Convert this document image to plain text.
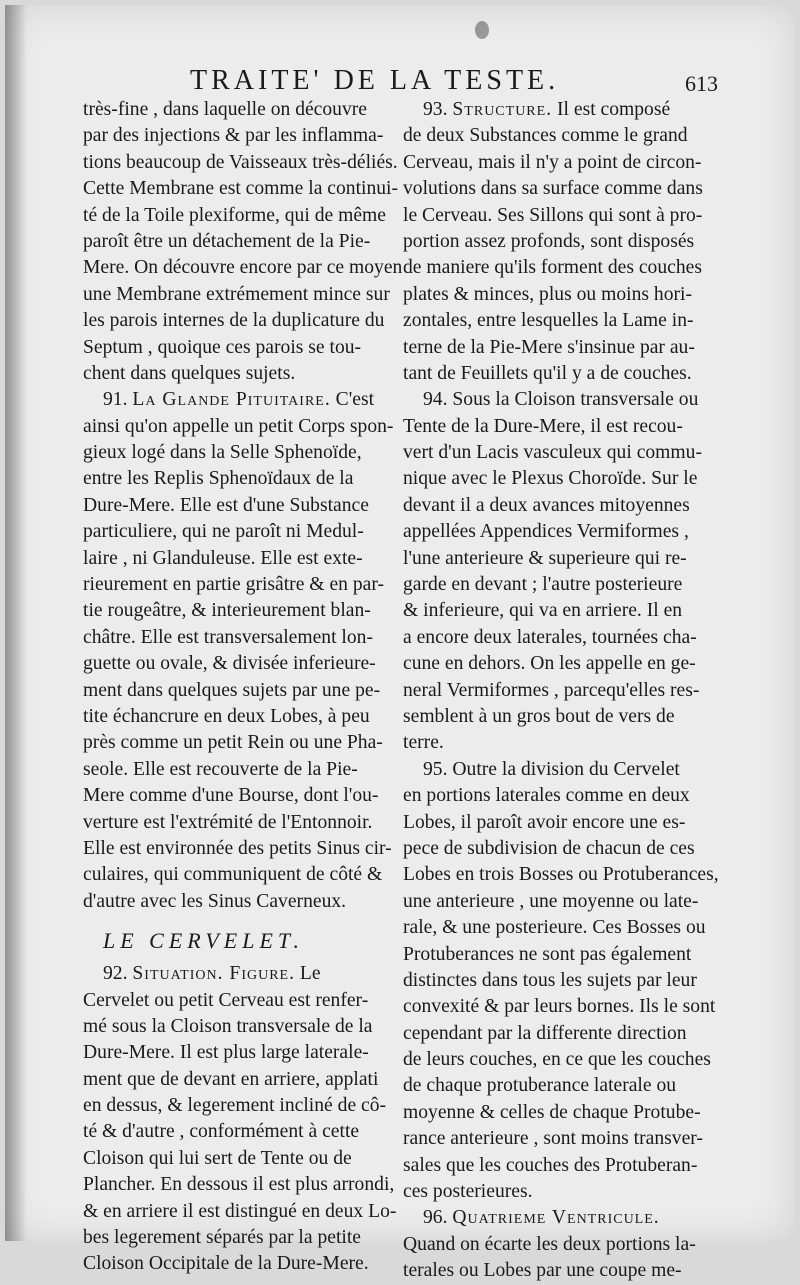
TRAITE' DE LA TESTE.	613
très-fine , dans laquelle on découvre
par des injections & par les inflamma-
tions beaucoup de Vaisseaux très-déliés.
Cette Membrane est comme la continui-
té de la Toile plexiforme, qui de même
paroît être un détachement de la Pie-
Mere. On découvre encore par ce moyen
une Membrane extrémement mince sur
les parois internes de la duplicature du
Septum , quoique ces parois se tou-
chent dans quelques sujets.
91. La Glande Pituitaire. C'est
ainsi qu'on appelle un petit Corps spon-
gieux logé dans la Selle Sphenoïde,
entre les Replis Sphenoïdaux de la
Dure-Mere. Elle est d'une Substance
particuliere, qui ne paroît ni Medul-
laire , ni Glanduleuse. Elle est exte-
rieurement en partie grisâtre & en par-
tie rougeâtre, & interieurement blan-
châtre. Elle est transversalement lon-
guette ou ovale, & divisée inferieure-
ment dans quelques sujets par une pe-
tite échancrure en deux Lobes, à peu
près comme un petit Rein ou une Pha-
seole. Elle est recouverte de la Pie-
Mere comme d'une Bourse, dont l'ou-
verture est l'extrémité de l'Entonnoir.
Elle est environnée des petits Sinus cir-
culaires, qui communiquent de côté &
d'autre avec les Sinus Caverneux.
LE CERVELET.
92. Situation. Figure. Le
Cervelet ou petit Cerveau est renfer-
mé sous la Cloison transversale de la
Dure-Mere. Il est plus large laterale-
ment que de devant en arriere, applati
en dessus, & legerement incliné de cô-
té & d'autre , conformément à cette
Cloison qui lui sert de Tente ou de
Plancher. En dessous il est plus arrondi,
& en arriere il est distingué en deux Lo-
bes legerement séparés par la petite
Cloison Occipitale de la Dure-Mere.
93. Structure. Il est composé
de deux Substances comme le grand
Cerveau, mais il n'y a point de circon-
volutions dans sa surface comme dans
le Cerveau. Ses Sillons qui sont à pro-
portion assez profonds, sont disposés
de maniere qu'ils forment des couches
plates & minces, plus ou moins hori-
zontales, entre lesquelles la Lame in-
terne de la Pie-Mere s'insinue par au-
tant de Feuillets qu'il y a de couches.
94. Sous la Cloison transversale ou
Tente de la Dure-Mere, il est recou-
vert d'un Lacis vasculeux qui commu-
nique avec le Plexus Choroïde. Sur le
devant il a deux avances mitoyennes
appellées Appendices Vermiformes ,
l'une anterieure & superieure qui re-
garde en devant ; l'autre posterieure
& inferieure, qui va en arriere. Il en
a encore deux laterales, tournées cha-
cune en dehors. On les appelle en ge-
neral Vermiformes , parcequ'elles res-
semblent à un gros bout de vers de
terre.
95. Outre la division du Cervelet
en portions laterales comme en deux
Lobes, il paroît avoir encore une es-
pece de subdivision de chacun de ces
Lobes en trois Bosses ou Protuberances,
une anterieure , une moyenne ou late-
rale, & une posterieure. Ces Bosses ou
Protuberances ne sont pas également
distinctes dans tous les sujets par leur
convexité & par leurs bornes. Ils le sont
cependant par la differente direction
de leurs couches, en ce que les couches
de chaque protuberance laterale ou
moyenne & celles de chaque Protube-
rance anterieure , sont moins transver-
sales que les couches des Protuberan-
ces posterieures.
96. Quatrieme Ventricule.
Quand on écarte les deux portions la-
terales ou Lobes par une coupe me-
